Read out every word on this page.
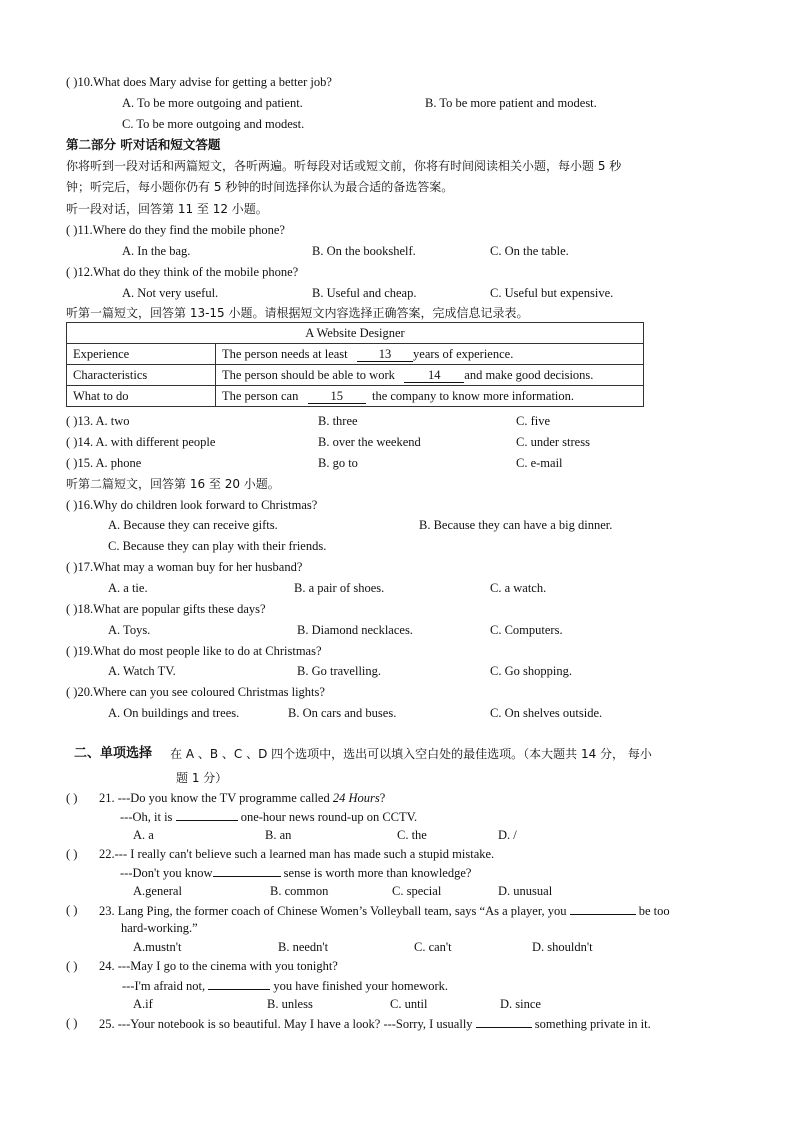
( )10.What does Mary advise for getting a better job?
A. To be more outgoing and patient.	B. To be more patient and modest.
C. To be more outgoing and modest.
第二部分 听对话和短文答题
你将听到一段对话和两篇短文，各听两遍。听每段对话或短文前，你将有时间阅读相关小题，每小题 5 秒
钟；听完后，每小题你仍有 5 秒钟的时间选择你认为最合适的备选答案。
听一段对话，回答第 11 至 12 小题。
( )11.Where do they find the mobile phone?
A. In the bag.	B. On the bookshelf.	C. On the table.
( )12.What do they think of the mobile phone?
A. Not very useful.	B. Useful and cheap.	C. Useful but expensive.
听第一篇短文，回答第 13-15 小题。请根据短文内容选择正确答案，完成信息记录表。
A Website Designer	
Experience	The person needs at least 13 years of experience.
Characteristics	The person should be able to work 14 and make good decisions.
What to do	The person can 15 the company to know more information.
( )13. A. two	B. three	C. five
( )14. A. with different people	B. over the weekend	C. under stress
( )15. A. phone	B. go to	C. e-mail
听第二篇短文，回答第 16 至 20 小题。
( )16.Why do children look forward to Christmas?
A. Because they can receive gifts.	B. Because they can have a big dinner.
C. Because they can play with their friends.
( )17.What may a woman buy for her husband?
A. a tie.	B. a pair of shoes.	C. a watch.
( )18.What are popular gifts these days?
A. Toys.	B. Diamond necklaces.	C. Computers.
( )19.What do most people like to do at Christmas?
A. Watch TV.	B. Go travelling.	C. Go shopping.
( )20.Where can you see coloured Christmas lights?
A. On buildings and trees.	B. On cars and buses.	C. On shelves outside.
二、单项选择 在 A 、B 、C 、D 四个选项中，选出可以填入空白处的最佳选项。（本大题共 14 分， 每小
题 1 分）
( ) 21. ---Do you know the TV programme called 24 Hours?
---Oh, it is	one-hour news round-up on CCTV.
A. a	B. an	C. the	D. /
( ) 22.--- I really can't believe such a learned man has made such a stupid mistake.
---Don't you know	sense is worth more than knowledge?
A.general	B. common	C. special	D. unusual
( ) 23. Lang Ping, the former coach of Chinese Women’s Volleyball team, says “As a player, you	be too
hard-working.”
A.mustn't	B. needn't	C. can't	D. shouldn't
( ) 24. ---May I go to the cinema with you tonight?
---I'm afraid not,	you have finished your homework.
A.if	B. unless	C. until	D. since
( ) 25. ---Your notebook is so beautiful. May I have a look? ---Sorry, I usually	something private in it.
